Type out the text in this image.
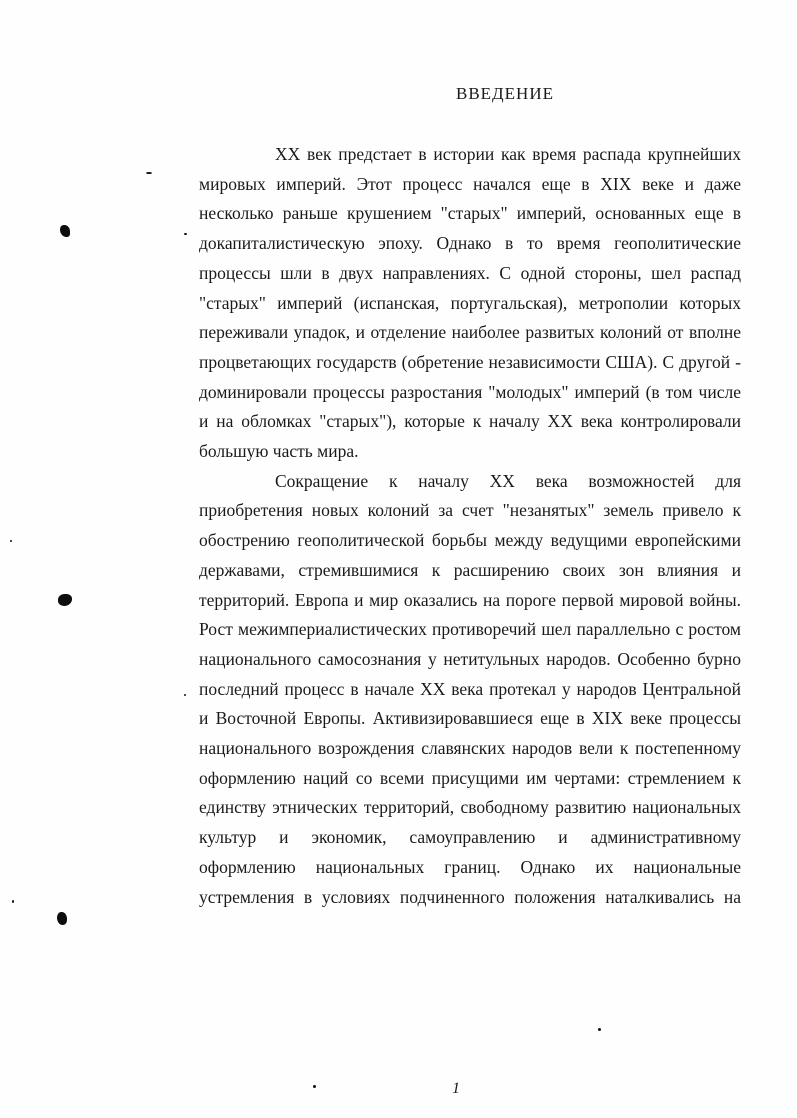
ВВЕДЕНИЕ

XX век предстает в истории как время распада крупнейших мировых империй. Этот процесс начался еще в XIX веке и даже несколько раньше крушением "старых" империй, основанных еще в докапиталистическую эпоху. Однако в то время геополитические процессы шли в двух направлениях. С одной стороны, шел распад "старых" империй (испанская, португальская), метрополии которых переживали упадок, и отделение наиболее развитых колоний от вполне процветающих государств (обретение независимости США). С другой - доминировали процессы разростания "молодых" империй (в том числе и на обломках "старых"), которые к началу XX века контролировали большую часть мира.

Сокращение к началу XX века возможностей для приобретения новых колоний за счет "незанятых" земель привело к обострению геополитической борьбы между ведущими европейскими державами, стремившимися к расширению своих зон влияния и территорий. Европа и мир оказались на пороге первой мировой войны. Рост межимпериалистических противоречий шел параллельно с ростом национального самосознания у нетитульных народов. Особенно бурно последний процесс в начале XX века протекал у народов Центральной и Восточной Европы. Активизировавшиеся еще в XIX веке процессы национального возрождения славянских народов вели к постепенному оформлению наций со всеми присущими им чертами: стремлением к единству этнических территорий, свободному развитию национальных культур и экономик, самоуправлению и административному оформлению национальных границ. Однако их национальные устремления в условиях подчиненного положения наталкивались на

1
